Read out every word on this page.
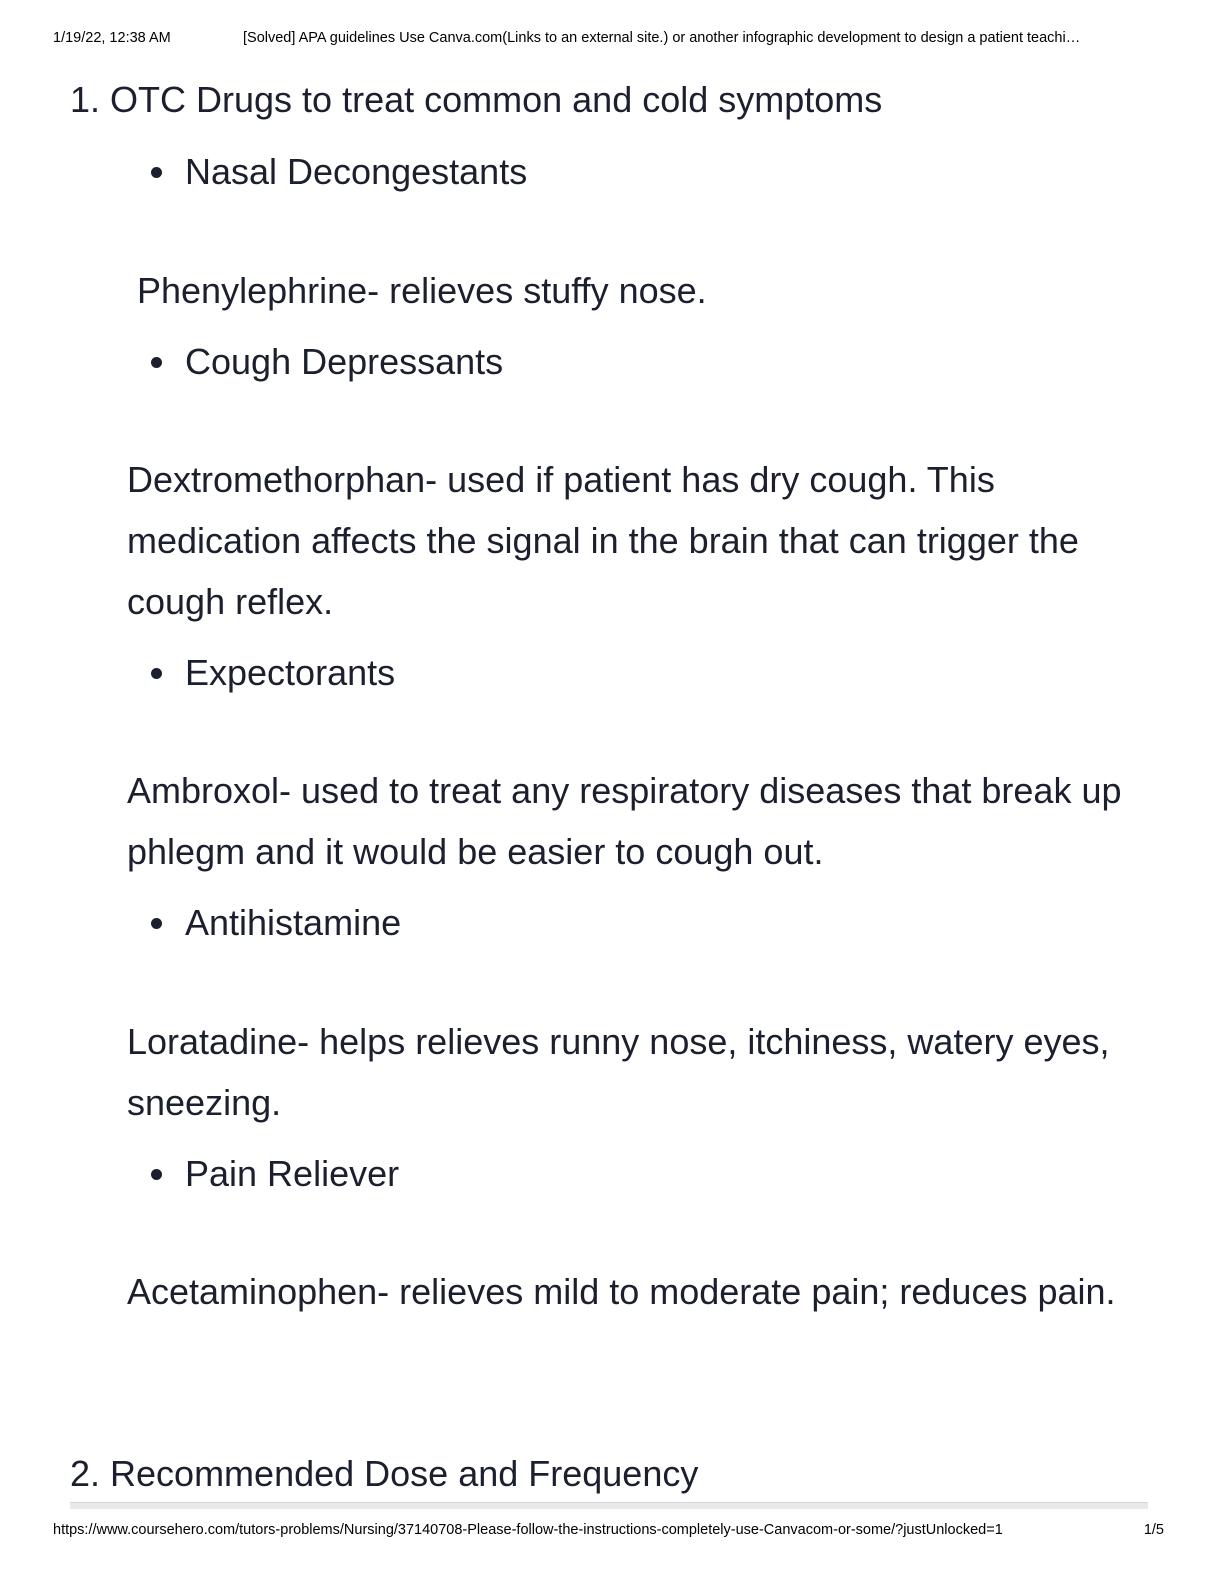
1/19/22, 12:38 AM	[Solved] APA guidelines Use Canva.com(Links to an external site.) or another infographic development to design a patient teachi…
1. OTC Drugs to treat common and cold symptoms
Nasal Decongestants

Phenylephrine- relieves stuffy nose.

Cough Depressants

Dextromethorphan- used if patient has dry cough. This medication affects the signal in the brain that can trigger the cough reflex.

Expectorants

Ambroxol- used to treat any respiratory diseases that break up phlegm and it would be easier to cough out.

Antihistamine

Loratadine- helps relieves runny nose, itchiness, watery eyes, sneezing.

Pain Reliever

Acetaminophen- relieves mild to moderate pain; reduces pain.

2. Recommended Dose and Frequency
https://www.coursehero.com/tutors-problems/Nursing/37140708-Please-follow-the-instructions-completely-use-Canvacom-or-some/?justUnlocked=1	1/5
